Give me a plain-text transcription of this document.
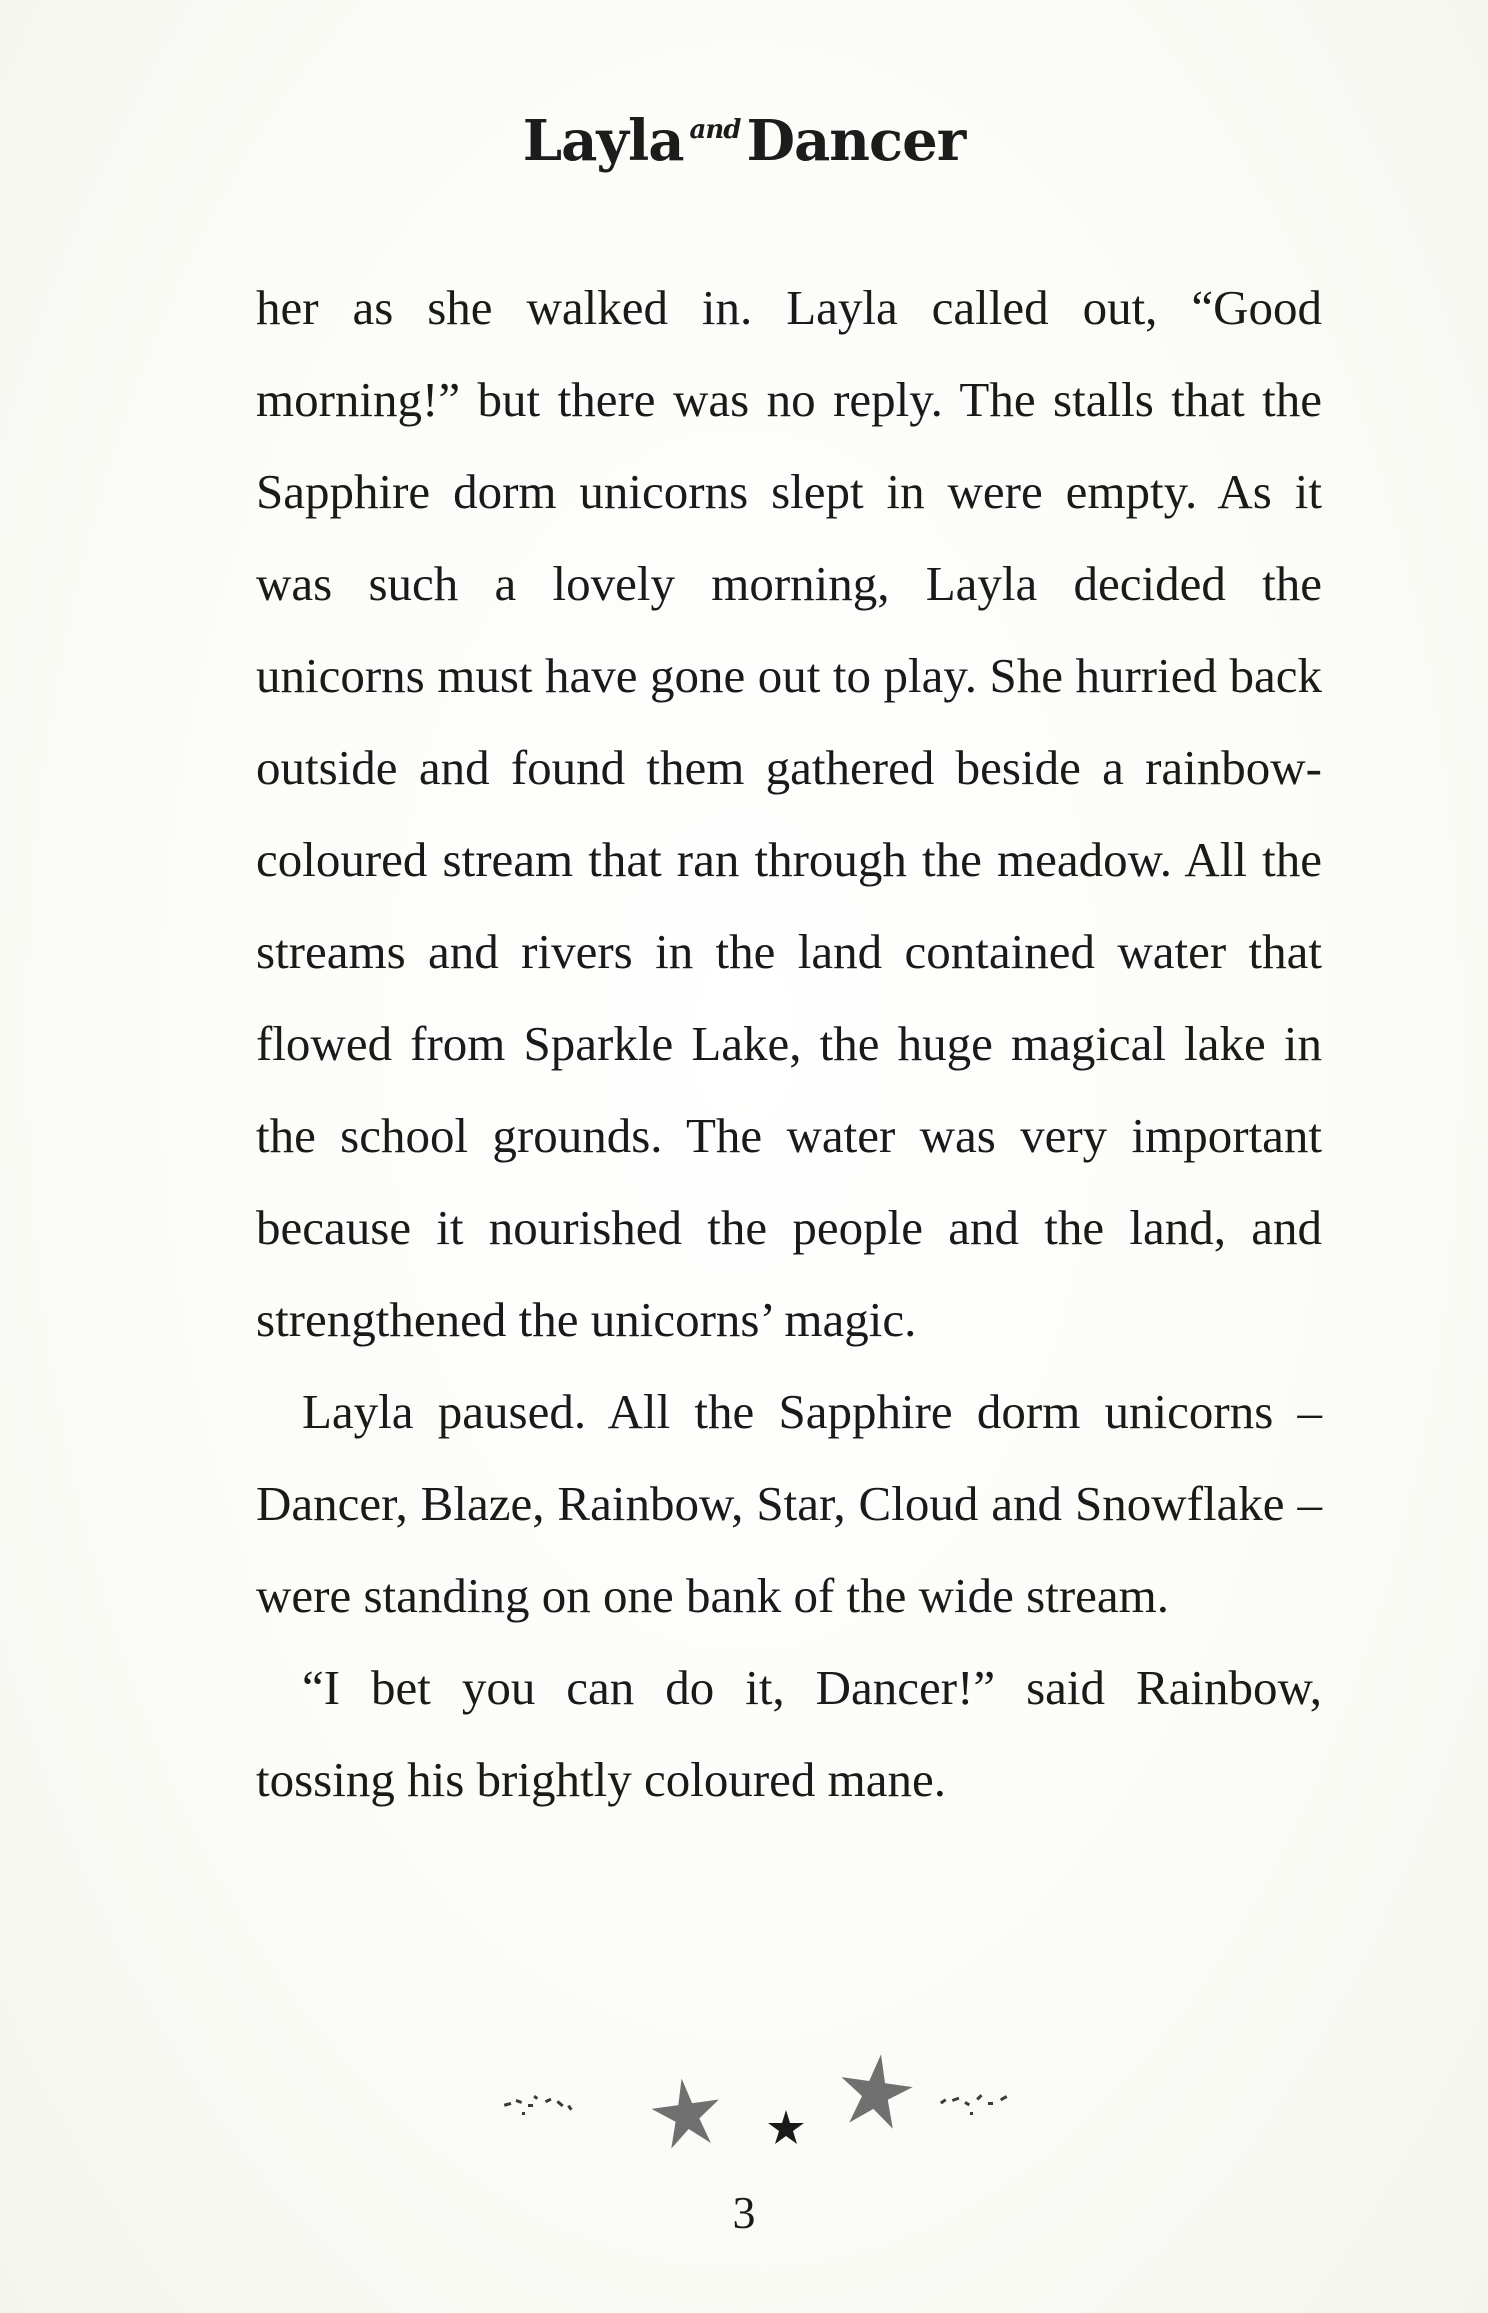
Layla $^{and}$ Dancer

her as she walked in. Layla called out, “Good morning!” but there was no reply. The stalls that the Sapphire dorm unicorns slept in were empty. As it was such a lovely morning, Layla decided the unicorns must have gone out to play. She hurried back outside and found them gathered beside a rainbow-coloured stream that ran through the meadow. All the streams and rivers in the land contained water that flowed from Sparkle Lake, the huge magical lake in the school grounds. The water was very important because it nourished the people and the land, and strengthened the unicorns’ magic.

Layla paused. All the Sapphire dorm unicorns – Dancer, Blaze, Rainbow, Star, Cloud and Snowflake – were standing on one bank of the wide stream.

“I bet you can do it, Dancer!” said Rainbow, tossing his brightly coloured mane.

3
